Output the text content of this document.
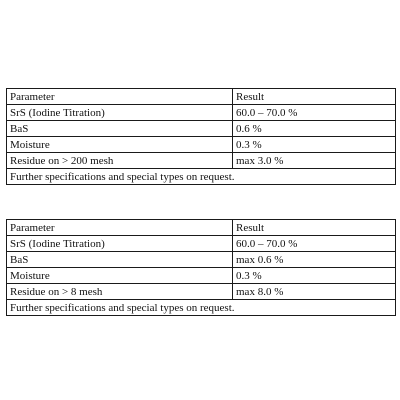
Parameter	Result
SrS (Iodine Titration)	60.0 – 70.0 %
BaS	0.6 %
Moisture	0.3 %
Residue on > 200 mesh	max 3.0 %
Further specifications and special types on request.	
Parameter	Result
SrS (Iodine Titration)	60.0 – 70.0 %
BaS	max 0.6 %
Moisture	0.3 %
Residue on > 8 mesh	max 8.0 %
Further specifications and special types on request.	
